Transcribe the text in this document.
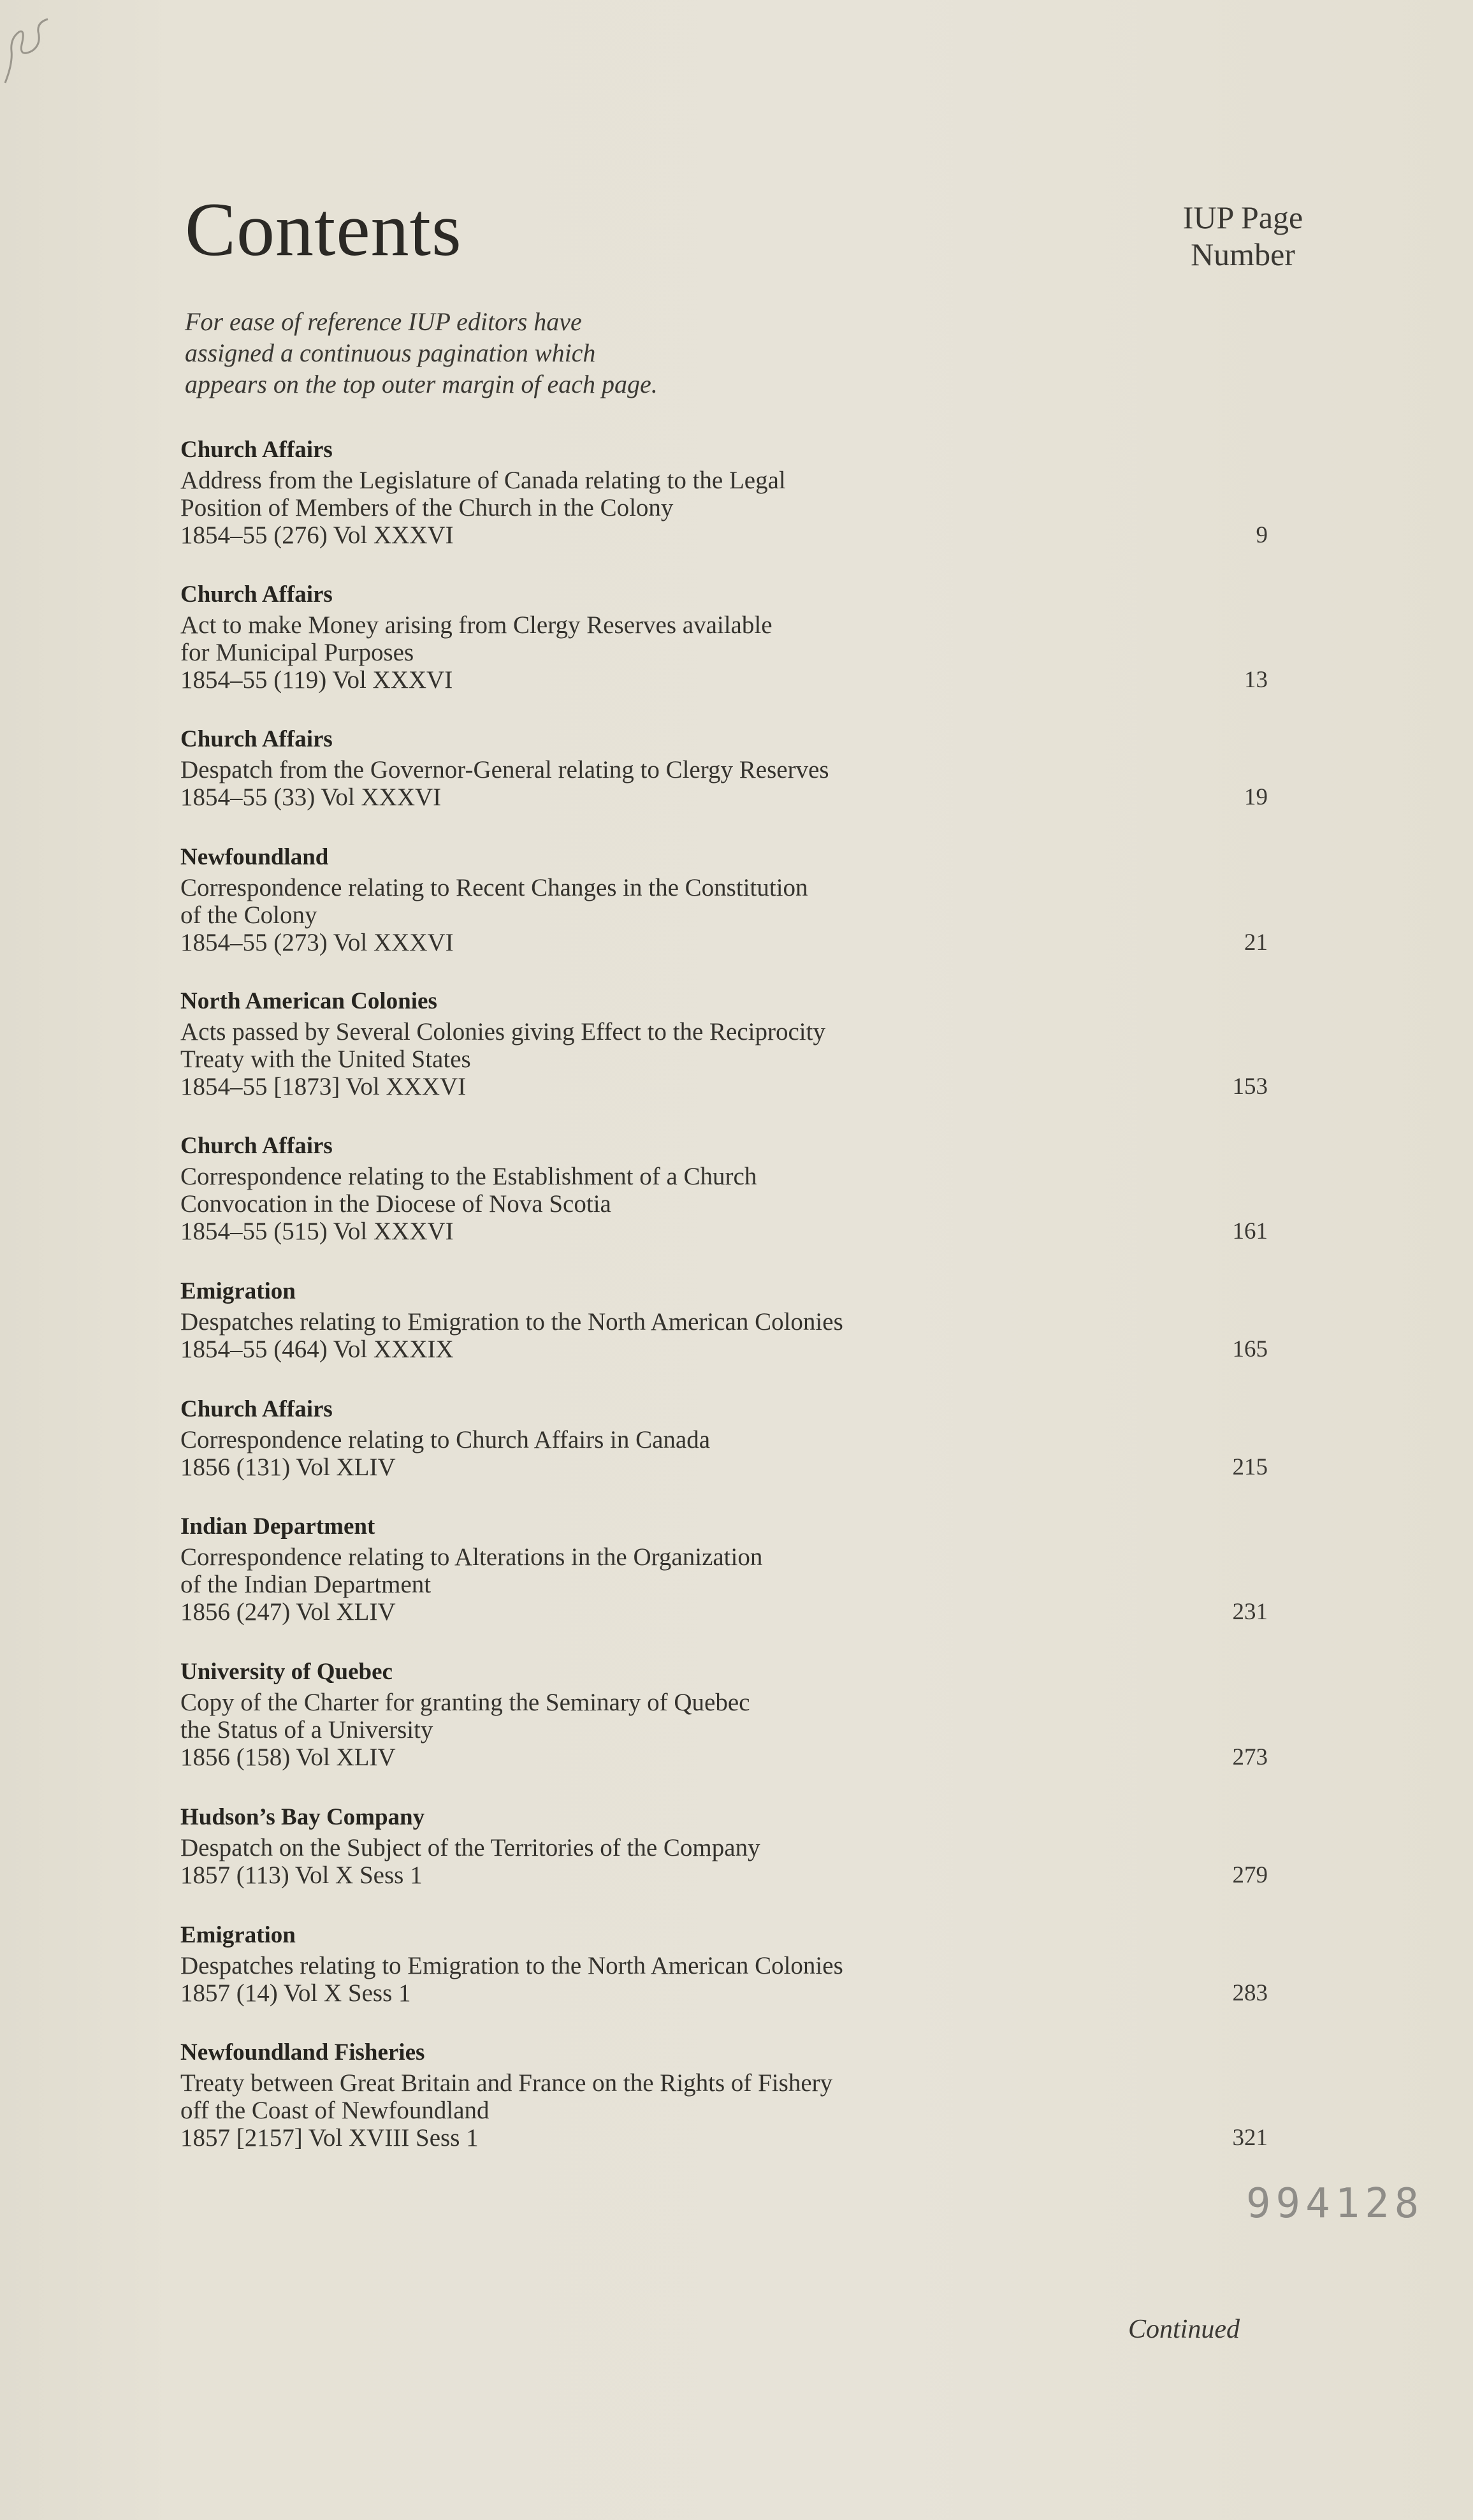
Contents	IUP Page
Number
For ease of reference IUP editors have
assigned a continuous pagination which
appears on the top outer margin of each page.
Church Affairs
Address from the Legislature of Canada relating to the Legal
Position of Members of the Church in the Colony
1854–55 (276) Vol XXXVI	9
Church Affairs
Act to make Money arising from Clergy Reserves available
for Municipal Purposes
1854–55 (119) Vol XXXVI	13
Church Affairs
Despatch from the Governor-General relating to Clergy Reserves
1854–55 (33) Vol XXXVI	19
Newfoundland
Correspondence relating to Recent Changes in the Constitution
of the Colony
1854–55 (273) Vol XXXVI	21
North American Colonies
Acts passed by Several Colonies giving Effect to the Reciprocity
Treaty with the United States
1854–55 [1873] Vol XXXVI	153
Church Affairs
Correspondence relating to the Establishment of a Church
Convocation in the Diocese of Nova Scotia
1854–55 (515) Vol XXXVI	161
Emigration
Despatches relating to Emigration to the North American Colonies
1854–55 (464) Vol XXXIX	165
Church Affairs
Correspondence relating to Church Affairs in Canada
1856 (131) Vol XLIV	215
Indian Department
Correspondence relating to Alterations in the Organization
of the Indian Department
1856 (247) Vol XLIV	231
University of Quebec
Copy of the Charter for granting the Seminary of Quebec
the Status of a University
1856 (158) Vol XLIV	273
Hudson’s Bay Company
Despatch on the Subject of the Territories of the Company
1857 (113) Vol X Sess 1	279
Emigration
Despatches relating to Emigration to the North American Colonies
1857 (14) Vol X Sess 1	283
Newfoundland Fisheries
Treaty between Great Britain and France on the Rights of Fishery
off the Coast of Newfoundland
1857 [2157] Vol XVIII Sess 1	321
994128
Continued
